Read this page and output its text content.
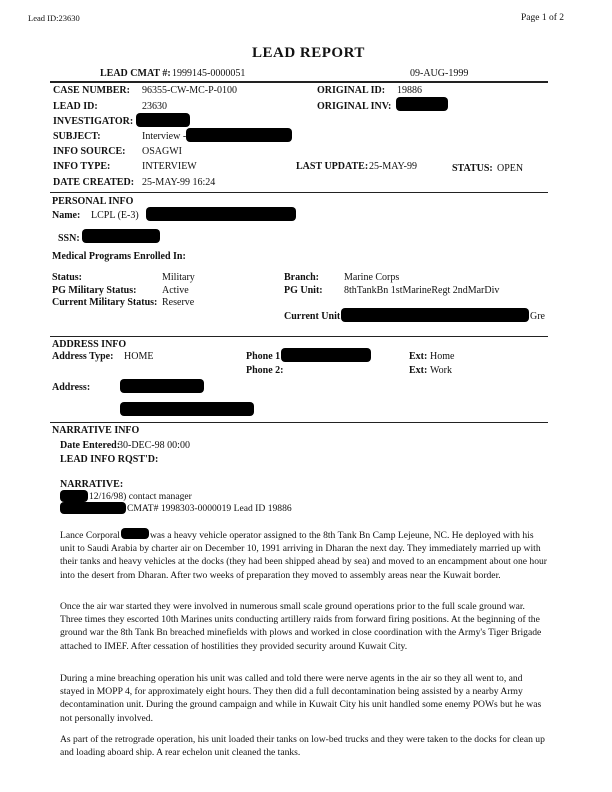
Lead ID:23630	Page 1 of 2
LEAD REPORT
LEAD CMAT #: 1999145-0000051	09-AUG-1999
CASE NUMBER: 96355-CW-MC-P-0100	ORIGINAL ID: 19886
LEAD ID:	23630	ORIGINAL INV:
INVESTIGATOR:
SUBJECT:	Interview -
INFO SOURCE: OSAGWI
INFO TYPE:	INTERVIEW	LAST UPDATE: 25-MAY-99	STATUS: OPEN
DATE CREATED: 25-MAY-99 16:24
PERSONAL INFO
Name: LCPL (E-3)
SSN:
Medical Programs Enrolled In:
Status:	Military	Branch:	Marine Corps
PG Military Status:	Active	PG Unit: 8thTankBn 1stMarineRegt 2ndMarDiv
Current Military Status: Reserve
Current Unit	Gre
ADDRESS INFO
Address Type: HOME	Phone 1	Ext: Home
Phone 2:	Ext: Work
Address:
NARRATIVE INFO
Date Entered:
30-DEC-98 00:00
LEAD INFO RQST'D:
NARRATIVE:
12/16/98) contact manager
CMAT# 1998303-0000019 Lead ID 19886
Lance Corporal	was a heavy vehicle operator assigned to the 8th Tank Bn Camp Lejeune, NC. He deployed with his unit to Saudi Arabia by charter air on December 10, 1991 arriving in Dharan the next day. They immediately married up with their tanks and heavy vehicles at the docks (they had been shipped ahead by sea) and moved to an encampment about one hour into the desert from Dharan. After two weeks of preparation they moved to assembly areas near the Kuwait border.
Once the air war started they were involved in numerous small scale ground operations prior to the full scale ground war. Three times they escorted 10th Marines units conducting artillery raids from forward firing positions. At the beginning of the ground war the 8th Tank Bn breached minefields with plows and worked in close coordination with the Army's Tiger Brigade attached to IMEF. After cessation of hostilities they provided security around Kuwait City.
During a mine breaching operation his unit was called and told there were nerve agents in the air so they all went to, and stayed in MOPP 4, for approximately eight hours. They then did a full decontamination being assisted by a nearby Army decontamination unit. During the ground campaign and while in Kuwait City his unit handled some enemy POWs but he was not personally involved.
As part of the retrograde operation, his unit loaded their tanks on low-bed trucks and they were taken to the docks for clean up and loading aboard ship. A rear echelon unit cleaned the tanks.
